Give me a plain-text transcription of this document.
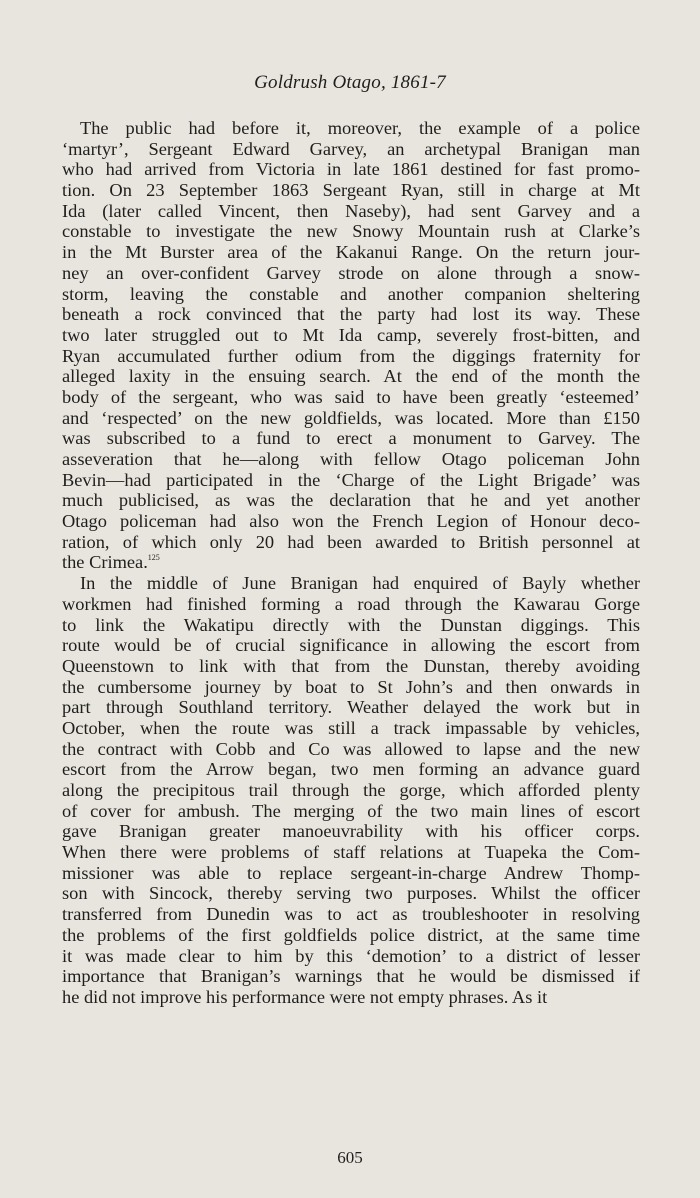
Goldrush Otago, 1861-7
The public had before it, moreover, the example of a police
‘martyr’, Sergeant Edward Garvey, an archetypal Branigan man
who had arrived from Victoria in late 1861 destined for fast promo-
tion. On 23 September 1863 Sergeant Ryan, still in charge at Mt
Ida (later called Vincent, then Naseby), had sent Garvey and a
constable to investigate the new Snowy Mountain rush at Clarke’s
in the Mt Burster area of the Kakanui Range. On the return jour-
ney an over-confident Garvey strode on alone through a snow-
storm, leaving the constable and another companion sheltering
beneath a rock convinced that the party had lost its way. These
two later struggled out to Mt Ida camp, severely frost-bitten, and
Ryan accumulated further odium from the diggings fraternity for
alleged laxity in the ensuing search. At the end of the month the
body of the sergeant, who was said to have been greatly ‘esteemed’
and ‘respected’ on the new goldfields, was located. More than £150
was subscribed to a fund to erect a monument to Garvey. The
asseveration that he—along with fellow Otago policeman John
Bevin—had participated in the ‘Charge of the Light Brigade’ was
much publicised, as was the declaration that he and yet another
Otago policeman had also won the French Legion of Honour deco-
ration, of which only 20 had been awarded to British personnel at
the Crimea.$^{125}$
In the middle of June Branigan had enquired of Bayly whether
workmen had finished forming a road through the Kawarau Gorge
to link the Wakatipu directly with the Dunstan diggings. This
route would be of crucial significance in allowing the escort from
Queenstown to link with that from the Dunstan, thereby avoiding
the cumbersome journey by boat to St John’s and then onwards in
part through Southland territory. Weather delayed the work but in
October, when the route was still a track impassable by vehicles,
the contract with Cobb and Co was allowed to lapse and the new
escort from the Arrow began, two men forming an advance guard
along the precipitous trail through the gorge, which afforded plenty
of cover for ambush. The merging of the two main lines of escort
gave Branigan greater manoeuvrability with his officer corps.
When there were problems of staff relations at Tuapeka the Com-
missioner was able to replace sergeant-in-charge Andrew Thomp-
son with Sincock, thereby serving two purposes. Whilst the officer
transferred from Dunedin was to act as troubleshooter in resolving
the problems of the first goldfields police district, at the same time
it was made clear to him by this ‘demotion’ to a district of lesser
importance that Branigan’s warnings that he would be dismissed if
he did not improve his performance were not empty phrases. As it
605
